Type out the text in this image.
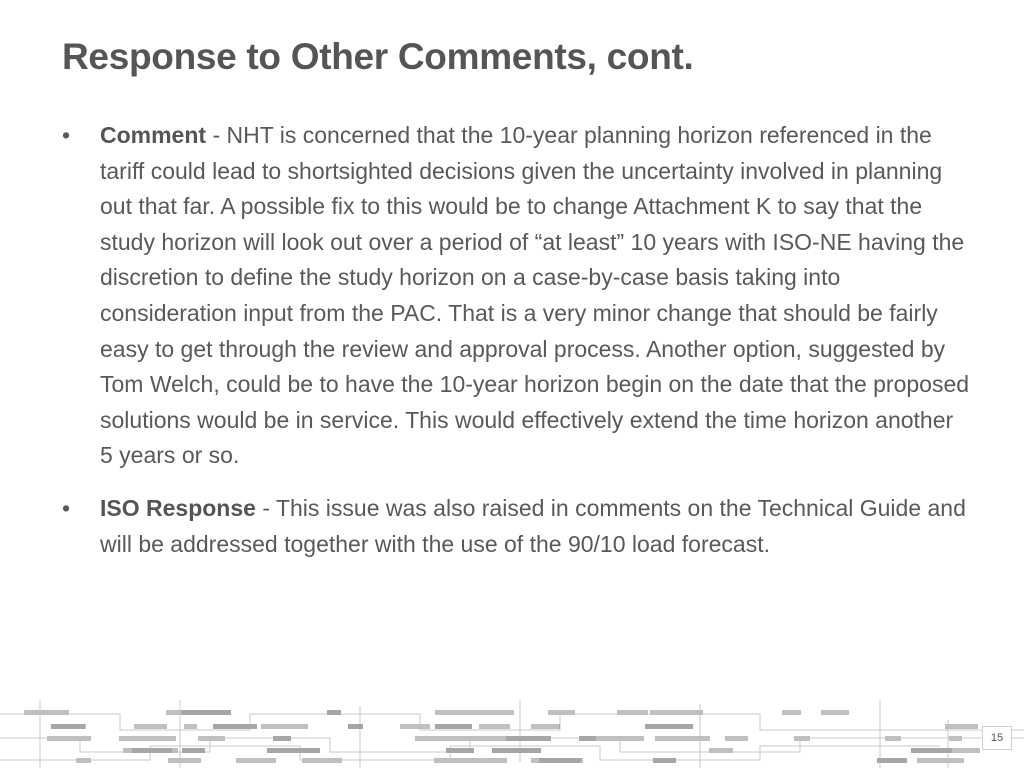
Response to Other Comments, cont.
• Comment - NHT is concerned that the 10-year planning horizon referenced in the tariff could lead to shortsighted decisions given the uncertainty involved in planning out that far. A possible fix to this would be to change Attachment K to say that the study horizon will look out over a period of “at least” 10 years with ISO-NE having the discretion to define the study horizon on a case-by-case basis taking into consideration input from the PAC. That is a very minor change that should be fairly easy to get through the review and approval process. Another option, suggested by Tom Welch, could be to have the 10-year horizon begin on the date that the proposed solutions would be in service. This would effectively extend the time horizon another 5 years or so.
• ISO Response - This issue was also raised in comments on the Technical Guide and will be addressed together with the use of the 90/10 load forecast.
15
